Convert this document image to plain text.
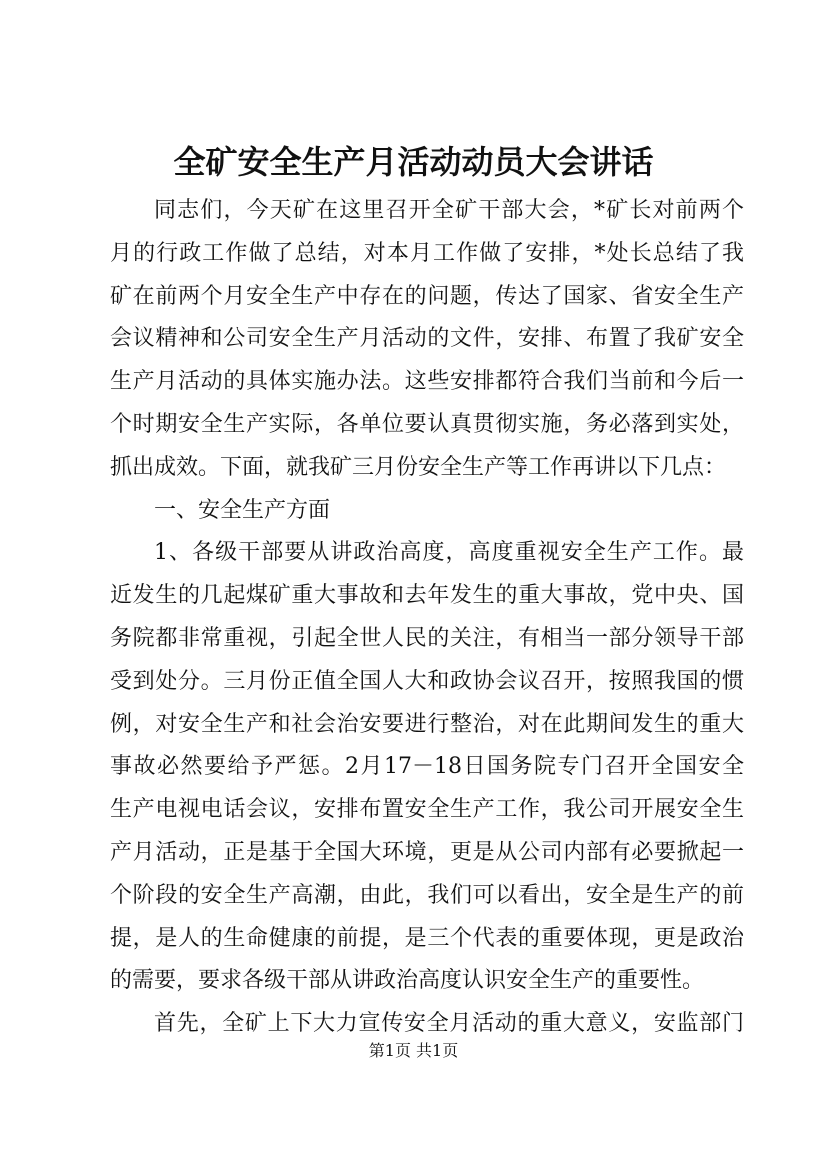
全矿安全生产月活动动员大会讲话
同志们，今天矿在这里召开全矿干部大会，*矿长对前两个
月的行政工作做了总结，对本月工作做了安排，*处长总结了我
矿在前两个月安全生产中存在的问题，传达了国家、省安全生产
会议精神和公司安全生产月活动的文件，安排、布置了我矿安全
生产月活动的具体实施办法。这些安排都符合我们当前和今后一
个时期安全生产实际，各单位要认真贯彻实施，务必落到实处，
抓出成效。下面，就我矿三月份安全生产等工作再讲以下几点：
一、安全生产方面
1、各级干部要从讲政治高度，高度重视安全生产工作。最
近发生的几起煤矿重大事故和去年发生的重大事故，党中央、国
务院都非常重视，引起全世人民的关注，有相当一部分领导干部
受到处分。三月份正值全国人大和政协会议召开，按照我国的惯
例，对安全生产和社会治安要进行整治，对在此期间发生的重大
事故必然要给予严惩。2月17－18日国务院专门召开全国安全
生产电视电话会议，安排布置安全生产工作，我公司开展安全生
产月活动，正是基于全国大环境，更是从公司内部有必要掀起一
个阶段的安全生产高潮，由此，我们可以看出，安全是生产的前
提，是人的生命健康的前提，是三个代表的重要体现，更是政治
的需要，要求各级干部从讲政治高度认识安全生产的重要性。
首先，全矿上下大力宣传安全月活动的重大意义，安监部门
第1页 共1页
